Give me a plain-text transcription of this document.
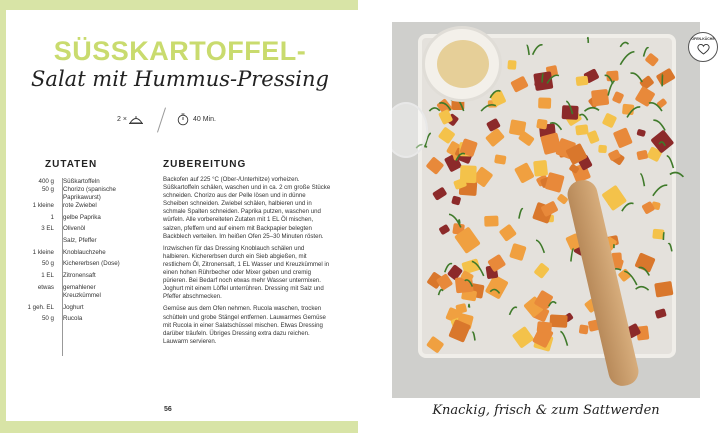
SÜSSKARTOFFEL-
Salat mit Hummus-Pressing
2 ×	40 Min.
ZUTATEN	ZUBEREITUNG
400 g	Süßkartoffeln
50 g	Chorizo (spanische
Paprikawurst)
1 kleine	rote Zwiebel
1	gelbe Paprika
3 EL	Olivenöl
Salz, Pfeffer
1 kleine	Knoblauchzehe
50 g	Kichererbsen (Dose)
1 EL	Zitronensaft
etwas	gemahlener
Kreuzkümmel
1 geh. EL	Joghurt
50 g	Rucola

Backofen auf 225 °C (Ober-/Unterhitze) vorheizen. Süßkartoffeln schälen, waschen und in ca. 2 cm große Stücke schneiden. Chorizo aus der Pelle lösen und in dünne Scheiben schneiden. Zwiebel schälen, halbieren und in schmale Spalten schneiden. Paprika putzen, waschen und würfeln. Alle vorbereiteten Zutaten mit 1 EL Öl mischen, salzen, pfeffern und auf einem mit Backpapier belegten Backblech verteilen. Im heißen Ofen 25–30 Minuten rösten.

Inzwischen für das Dressing Knoblauch schälen und halbieren. Kichererbsen durch ein Sieb abgießen, mit restlichem Öl, Zitronensaft, 1 EL Wasser und Kreuzkümmel in einen hohen Rührbecher oder Mixer geben und cremig pürieren. Bei Bedarf noch etwas mehr Wasser untermixen. Joghurt mit einem Löffel unterrühren. Dressing mit Salz und Pfeffer abschmecken.

Gemüse aus dem Ofen nehmen. Rucola waschen, trocken schütteln und grobe Stängel entfernen. Lauwarmes Gemüse mit Rucola in einer Salatschüssel mischen. Etwas Dressing darüber träufeln. Übriges Dressing extra dazu reichen. Lauwarm servieren.

56
OFEN-KÜCHE
Knackig, frisch & zum Sattwerden
